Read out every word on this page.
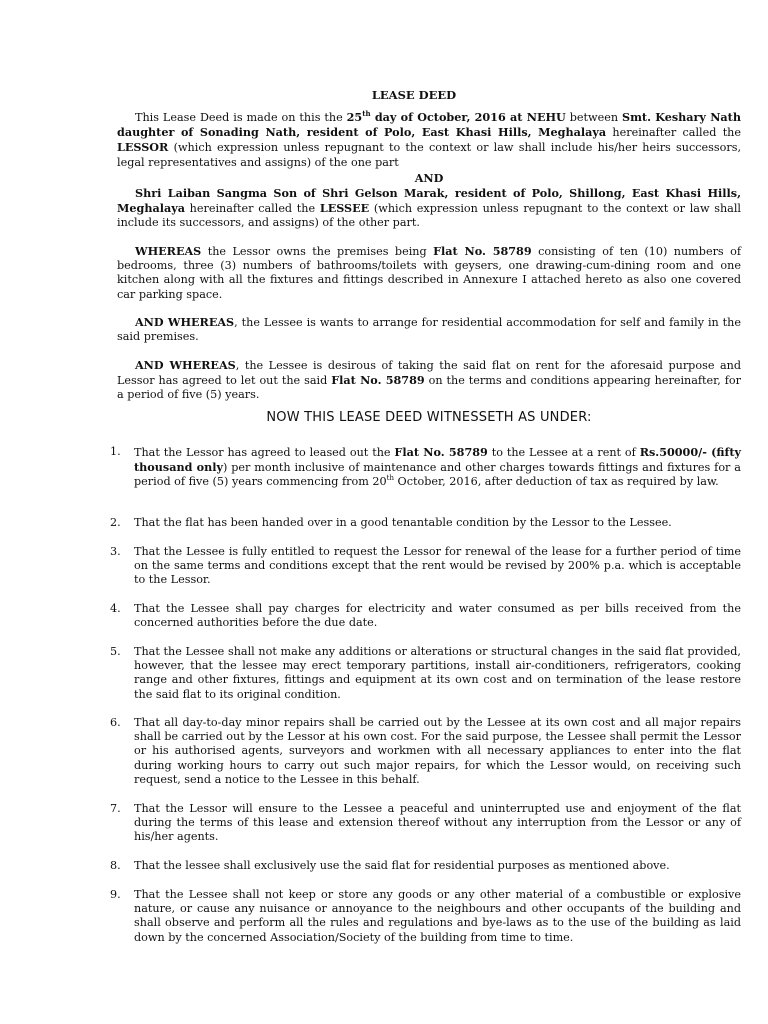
LEASE DEED
This Lease Deed is made on this the 25th day of October, 2016 at NEHU between Smt. Keshary Nath daughter of Sonading Nath, resident of Polo, East Khasi Hills, Meghalaya hereinafter called the LESSOR (which expression unless repugnant to the context or law shall include his/her heirs successors, legal representatives and assigns) of the one part
AND
Shri Laiban Sangma Son of Shri Gelson Marak, resident of Polo, Shillong, East Khasi Hills, Meghalaya hereinafter called the LESSEE (which expression unless repugnant to the context or law shall include its successors, and assigns) of the other part.
WHEREAS the Lessor owns the premises being Flat No. 58789 consisting of ten (10) numbers of bedrooms, three (3) numbers of bathrooms/toilets with geysers, one drawing-cum-dining room and one kitchen along with all the fixtures and fittings described in Annexure I attached hereto as also one covered car parking space.
AND WHEREAS, the Lessee is wants to arrange for residential accommodation for self and family in the said premises.
AND WHEREAS, the Lessee is desirous of taking the said flat on rent for the aforesaid purpose and Lessor has agreed to let out the said Flat No. 58789 on the terms and conditions appearing hereinafter, for a period of five (5) years.
NOW THIS LEASE DEED WITNESSETH AS UNDER:
1.	That the Lessor has agreed to leased out the Flat No. 58789 to the Lessee at a rent of Rs.50000/- (fifty thousand only) per month inclusive of maintenance and other charges towards fittings and fixtures for a period of five (5) years commencing from 20th October, 2016, after deduction of tax as required by law.
2.	That the flat has been handed over in a good tenantable condition by the Lessor to the Lessee.
3.	That the Lessee is fully entitled to request the Lessor for renewal of the lease for a further period of time on the same terms and conditions except that the rent would be revised by 200% p.a. which is acceptable to the Lessor.
4.	That the Lessee shall pay charges for electricity and water consumed as per bills received from the concerned authorities before the due date.
5.	That the Lessee shall not make any additions or alterations or structural changes in the said flat provided, however, that the lessee may erect temporary partitions, install air-conditioners, refrigerators, cooking range and other fixtures, fittings and equipment at its own cost and on termination of the lease restore the said flat to its original condition.
6.	That all day-to-day minor repairs shall be carried out by the Lessee at its own cost and all major repairs shall be carried out by the Lessor at his own cost. For the said purpose, the Lessee shall permit the Lessor or his authorised agents, surveyors and workmen with all necessary appliances to enter into the flat during working hours to carry out such major repairs, for which the Lessor would, on receiving such request, send a notice to the Lessee in this behalf.
7.	That the Lessor will ensure to the Lessee a peaceful and uninterrupted use and enjoyment of the flat during the terms of this lease and extension thereof without any interruption from the Lessor or any of his/her agents.
8.	That the lessee shall exclusively use the said flat for residential purposes as mentioned above.
9.	That the Lessee shall not keep or store any goods or any other material of a combustible or explosive nature, or cause any nuisance or annoyance to the neighbours and other occupants of the building and shall observe and perform all the rules and regulations and bye-laws as to the use of the building as laid down by the concerned Association/Society of the building from time to time.
